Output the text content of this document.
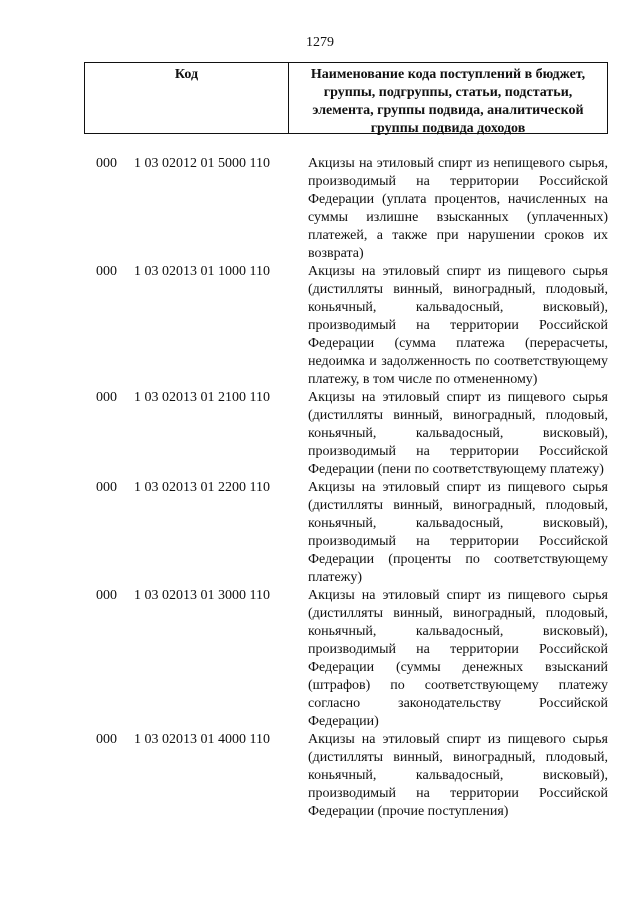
1279
Код	Наименование кода поступлений в бюджет, группы, подгруппы, статьи, подстатьи, элемента, группы подвида, аналитической группы подвида доходов
000	1 03 02012 01 5000 110	Акцизы на этиловый спирт из непищевого сырья, производимый на территории Российской Федерации (уплата процентов, начисленных на суммы излишне взысканных (уплаченных) платежей, а также при нарушении сроков их возврата)
000	1 03 02013 01 1000 110	Акцизы на этиловый спирт из пищевого сырья (дистилляты винный, виноградный, плодовый, коньячный, кальвадосный, висковый), производимый на территории Российской Федерации (сумма платежа (перерасчеты, недоимка и задолженность по соответствующему платежу, в том числе по отмененному)
000	1 03 02013 01 2100 110	Акцизы на этиловый спирт из пищевого сырья (дистилляты винный, виноградный, плодовый, коньячный, кальвадосный, висковый), производимый на территории Российской Федерации (пени по соответствующему платежу)
000	1 03 02013 01 2200 110	Акцизы на этиловый спирт из пищевого сырья (дистилляты винный, виноградный, плодовый, коньячный, кальвадосный, висковый), производимый на территории Российской Федерации (проценты по соответствующему платежу)
000	1 03 02013 01 3000 110	Акцизы на этиловый спирт из пищевого сырья (дистилляты винный, виноградный, плодовый, коньячный, кальвадосный, висковый), производимый на территории Российской Федерации (суммы денежных взысканий (штрафов) по соответствующему платежу согласно законодательству Российской Федерации)
000	1 03 02013 01 4000 110	Акцизы на этиловый спирт из пищевого сырья (дистилляты винный, виноградный, плодовый, коньячный, кальвадосный, висковый), производимый на территории Российской Федерации (прочие поступления)
